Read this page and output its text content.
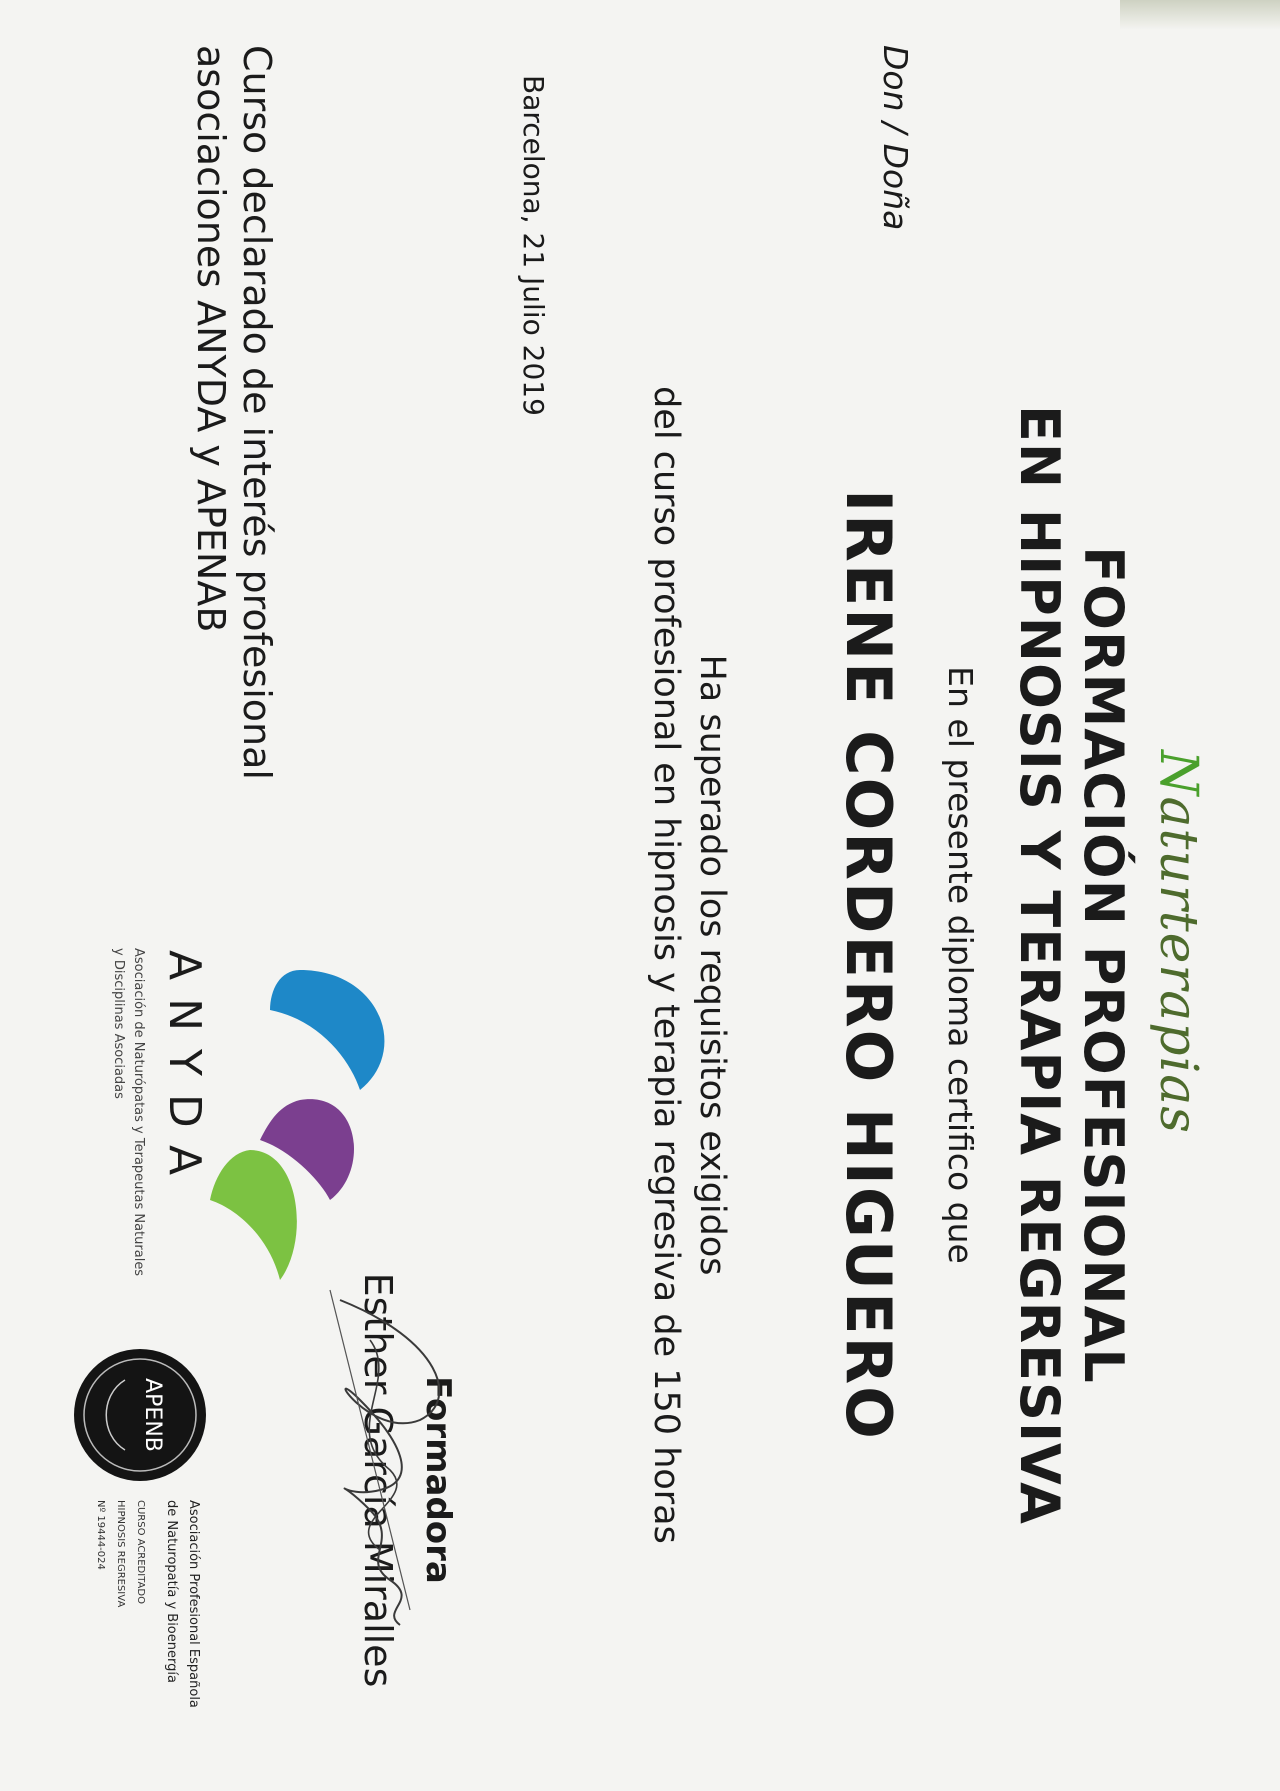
Naturterapias
FORMACIÓN PROFESIONAL
EN HIPNOSIS Y TERAPIA REGRESIVA
En el presente diploma certifico que
Don / Doña
IRENE CORDERO HIGUERO
Ha superado los requisitos exigidos
del curso profesional en hipnosis y terapia regresiva de 150 horas
Barcelona, 21 Julio 2019
Formadora
Esther García Miralles
Curso declarado de interés profesional
asociaciones ANYDA y APENAB
ANYDA
Asociación de Naturópatas y Terapeutas Naturales
y Disciplinas Asociadas
APENB
Asociación Profesional Española
de Naturopatía y Bioenergía
CURSO ACREDITADO
HIPNOSIS REGRESIVA
Nº 19444-024
